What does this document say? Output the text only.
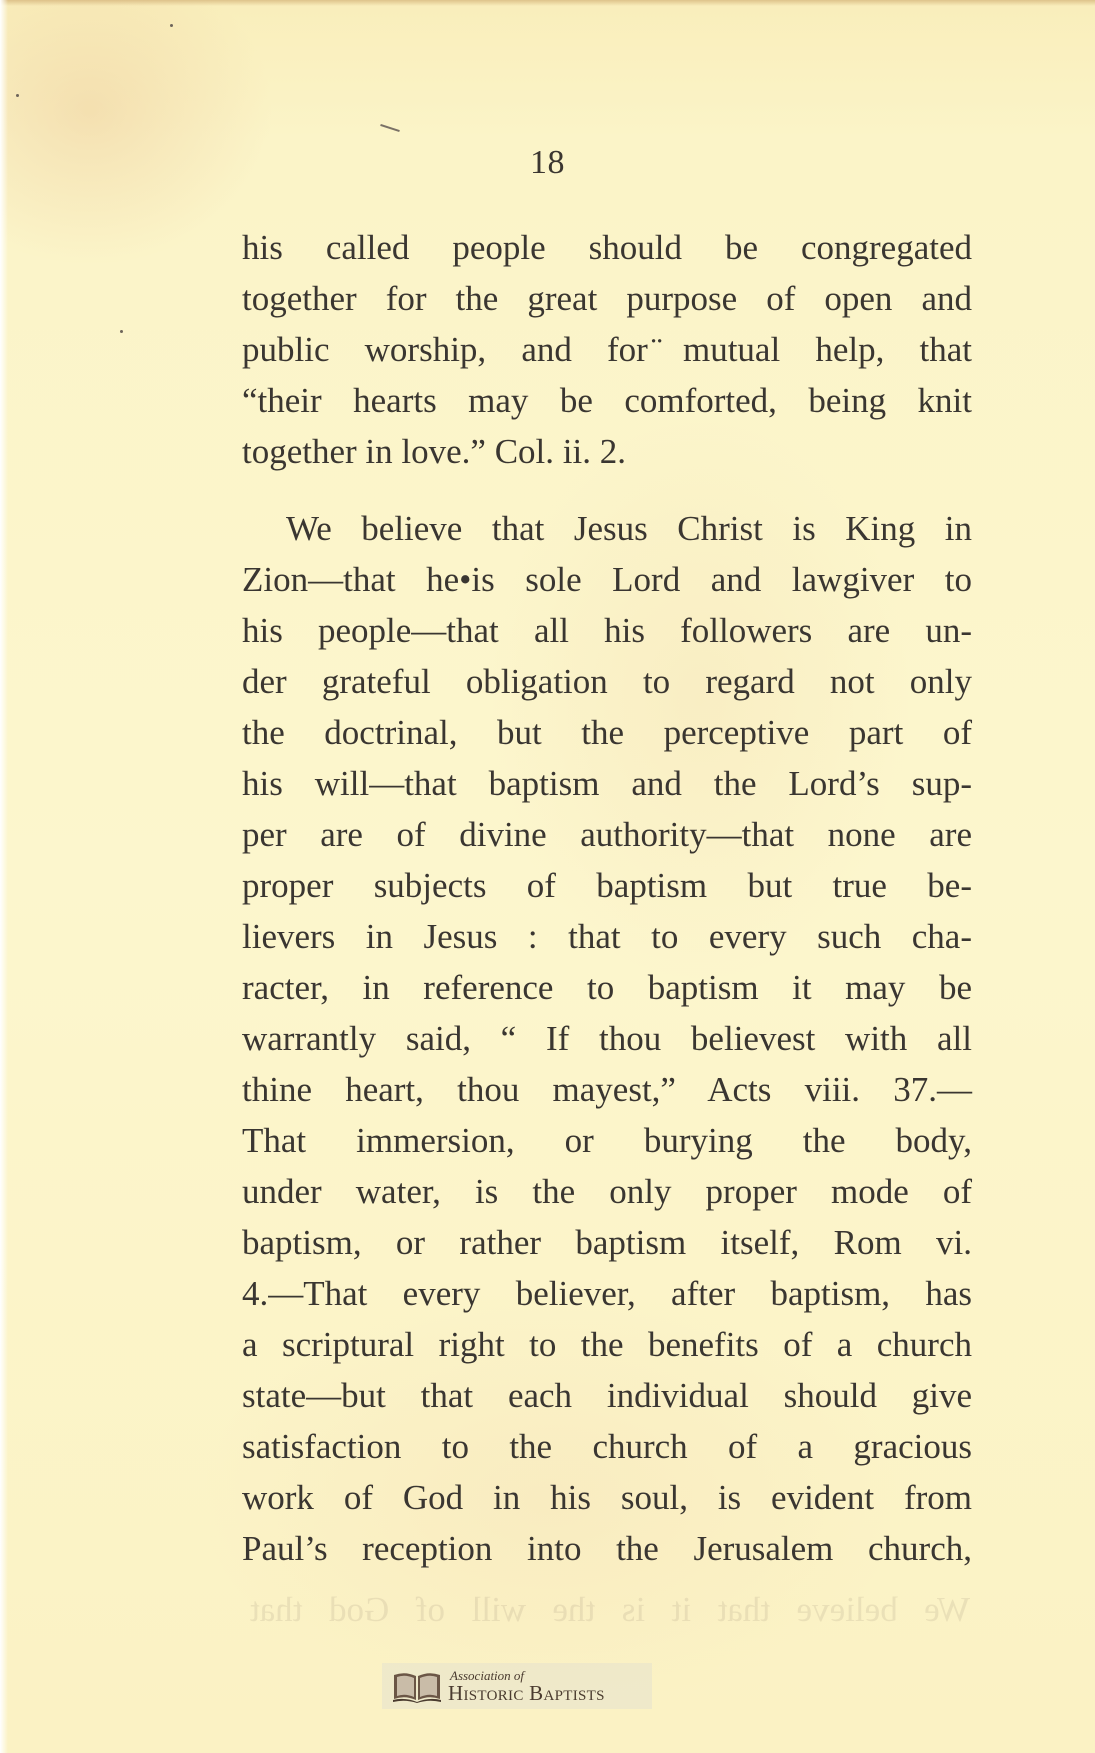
18

his called people should be congregated
together for the great purpose of open and
public worship, and for ̈mutual help, that
“their hearts may be comforted, being knit
together in love.” Col. ii. 2.

We believe that Jesus Christ is King in
Zion—that he•is sole Lord and lawgiver to
his people—that all his followers are un-
der grateful obligation to regard not only
the doctrinal, but the perceptive part of
his will—that baptism and the Lord’s sup-
per are of divine authority—that none are
proper subjects of baptism but true be-
lievers in Jesus : that to every such cha-
racter, in reference to baptism it may be
warrantly said, “ If thou believest with all
thine heart, thou mayest,” Acts viii. 37.—
That immersion, or burying the body,
under water, is the only proper mode of
baptism, or rather baptism itself, Rom vi.
4.—That every believer, after baptism, has
a scriptural right to the benefits of a church
state—but that each individual should give
satisfaction to the church of a gracious
work of God in his soul, is evident from
Paul’s reception into the Jerusalem church,

We believe that it is the will of God that
Association of
Historic Baptists
